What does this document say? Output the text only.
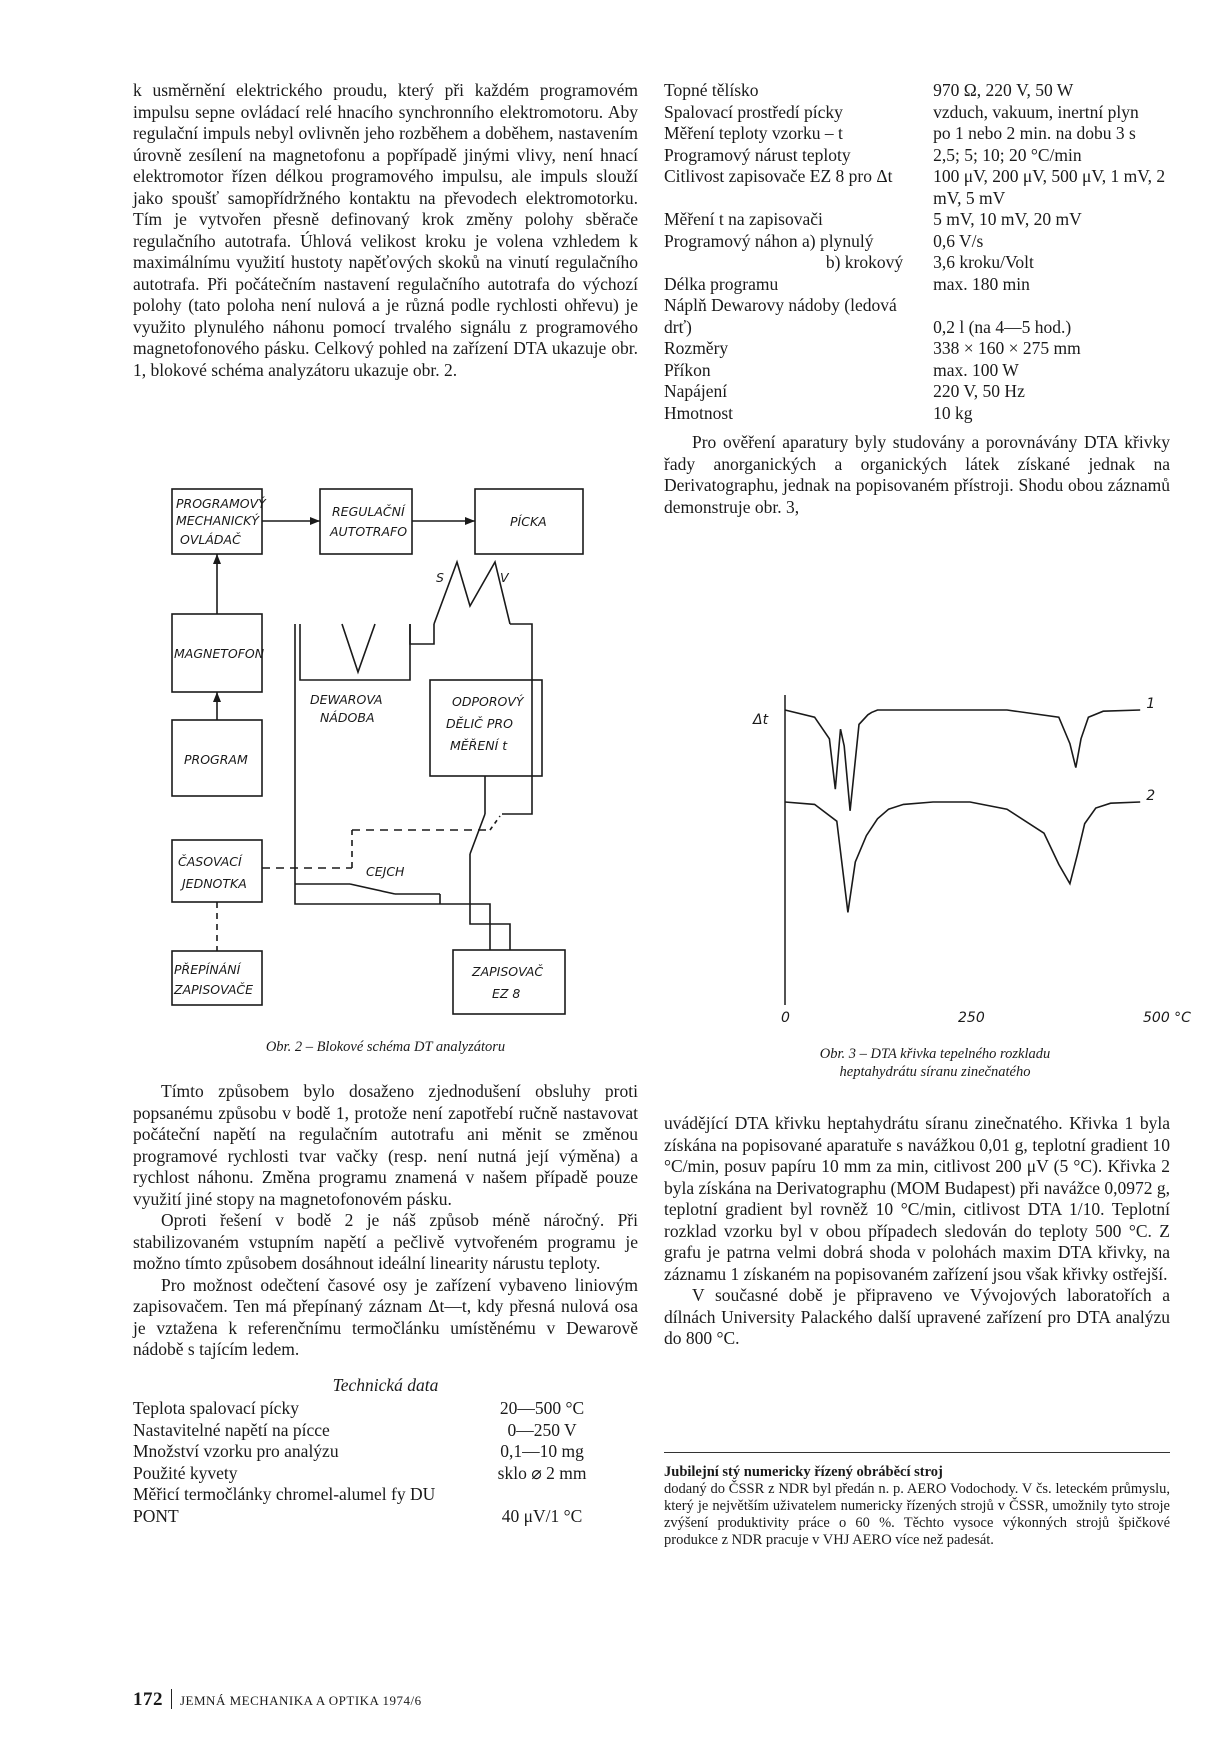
k usměrnění elektrického proudu, který při každém programovém impulsu sepne ovládací relé hnacího synchronního elektromotoru. Aby regulační impuls nebyl ovlivněn jeho rozběhem a doběhem, nastavením úrovně zesílení na magnetofonu a popřípadě jinými vlivy, není hnací elektromotor řízen délkou programového impulsu, ale impuls slouží jako spoušť samopřídržného kontaktu na převodech elektromotorku. Tím je vytvořen přesně definovaný krok změny polohy sběrače regulačního autotrafa. Úhlová velikost kroku je volena vzhledem k maximálnímu využití hustoty napěťových skoků na vinutí regulačního autotrafa. Při počátečním nastavení regulačního autotrafa do výchozí polohy (tato poloha není nulová a je různá podle rychlosti ohřevu) je využito plynulého náhonu pomocí trvalého signálu z programového magnetofonového pásku. Celkový pohled na zařízení DTA ukazuje obr. 1, blokové schéma analyzátoru ukazuje obr. 2.

PROGRAMOVÝ
MECHANICKÝ
OVLÁDAČ
REGULAČNÍ
AUTOTRAFO
PÍCKA
MAGNETOFON
PROGRAM
DEWAROVA
NÁDOBA
ODPOROVÝ
DĚLIČ PRO
MĚŘENÍ t
ČASOVACÍ
JEDNOTKA
CEJCH
PŘEPÍNÁNÍ
ZAPISOVAČE
ZAPISOVAČ
EZ 8
S	V
Obr. 2 – Blokové schéma DT analyzátoru

Tímto způsobem bylo dosaženo zjednodušení obsluhy proti popsanému způsobu v bodě 1, protože není zapotřebí ručně nastavovat počáteční napětí na regulačním autotrafu ani měnit se změnou programové rychlosti tvar vačky (resp. není nutná její výměna) a rychlost náhonu. Změna programu znamená v našem případě pouze využití jiné stopy na magnetofonovém pásku.

Oproti řešení v bodě 2 je náš způsob méně náročný. Při stabilizovaném vstupním napětí a pečlivě vytvořeném programu je možno tímto způsobem dosáhnout ideální linearity nárustu teploty.

Pro možnost odečtení časové osy je zařízení vybaveno liniovým zapisovačem. Ten má přepínaný záznam Δt—t, kdy přesná nulová osa je vztažena k referenčnímu termočlánku umístěnému v Dewarově nádobě s tajícím ledem.

Technická data
Teplota spalovací pícky	20—500 °C
Nastavitelné napětí na pícce	0—250 V
Množství vzorku pro analýzu	0,1—10 mg
Použité kyvety	sklo ⌀ 2 mm
Měřicí termočlánky chromel-alumel fy DU PONT	40 μV/1 °C
Topné tělísko	970 Ω, 220 V, 50 W
Spalovací prostředí pícky	vzduch, vakuum, inertní plyn
Měření teploty vzorku – t	po 1 nebo 2 min. na dobu 3 s
Programový nárust teploty	2,5; 5; 10; 20 °C/min
Citlivost zapisovače EZ 8 pro Δt	100 μV, 200 μV, 500 μV, 1 mV, 2 mV, 5 mV
Měření t na zapisovači	5 mV, 10 mV, 20 mV
Programový náhon a) plynulý	0,6 V/s
b) krokový	3,6 kroku/Volt
Délka programu	max. 180 min
Náplň Dewarovy nádoby (ledová drť)	0,2 l (na 4—5 hod.)
Rozměry	338 × 160 × 275 mm
Příkon	max. 100 W
Napájení	220 V, 50 Hz
Hmotnost	10 kg

Pro ověření aparatury byly studovány a porovnávány DTA křivky řady anorganických a organických látek získané jednak na Derivatographu, jednak na popisovaném přístroji. Shodu obou záznamů demonstruje obr. 3,

Δt
1
2
0	250	500 °C
Obr. 3 – DTA křivka tepelného rozkladu
heptahydrátu síranu zinečnatého

uvádějící DTA křivku heptahydrátu síranu zinečnatého. Křivka 1 byla získána na popisované aparatuře s navážkou 0,01 g, teplotní gradient 10 °C/min, posuv papíru 10 mm za min, citlivost 200 μV (5 °C). Křivka 2 byla získána na Derivatographu (MOM Budapest) při navážce 0,0972 g, teplotní gradient byl rovněž 10 °C/min, citlivost DTA 1/10. Teplotní rozklad vzorku byl v obou případech sledován do teploty 500 °C. Z grafu je patrna velmi dobrá shoda v polohách maxim DTA křivky, na záznamu 1 získaném na popisovaném zařízení jsou však křivky ostřejší.

V současné době je připraveno ve Vývojových laboratořích a dílnách University Palackého další upravené zařízení pro DTA analýzu do 800 °C.

Jubilejní stý numericky řízený obráběcí stroj

dodaný do ČSSR z NDR byl předán n. p. AERO Vodochody. V čs. leteckém průmyslu, který je největším uživatelem numericky řízených strojů v ČSSR, umožnily tyto stroje zvýšení produktivity práce o 60 %. Těchto vysoce výkonných strojů špičkové produkce z NDR pracuje v VHJ AERO více než padesát.

172 JEMNÁ MECHANIKA A OPTIKA 1974/6
